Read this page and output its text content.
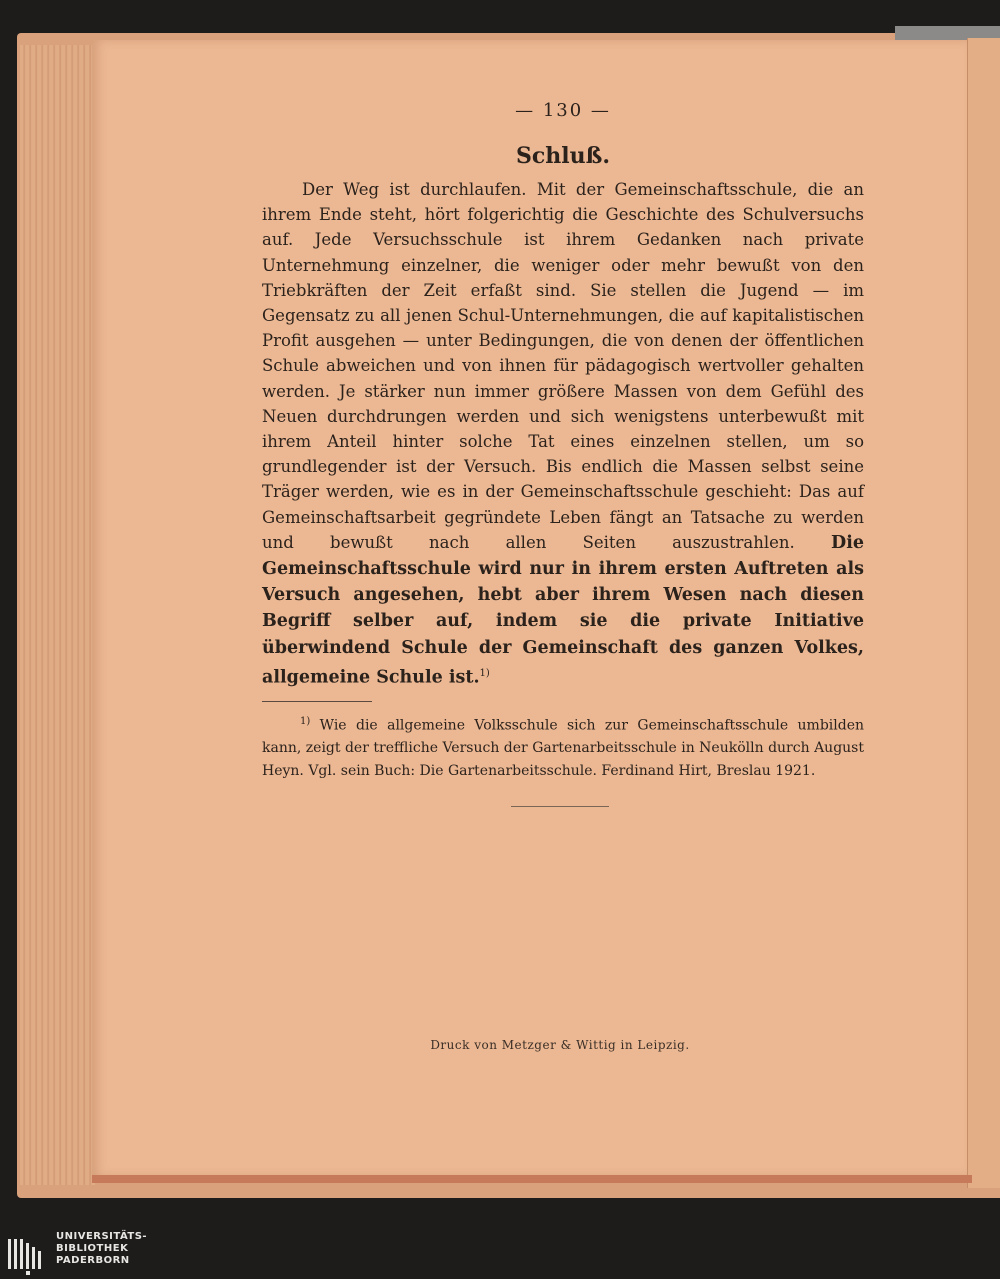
— 130 —
Schluß.

Der Weg ist durchlaufen. Mit der Gemeinschaftsschule, die an ihrem Ende steht, hört folgerichtig die Geschichte des Schulversuchs auf. Jede Versuchsschule ist ihrem Gedanken nach private Unternehmung einzelner, die weniger oder mehr bewußt von den Triebkräften der Zeit erfaßt sind. Sie stellen die Jugend — im Gegensatz zu all jenen Schul-Unternehmungen, die auf kapitalistischen Profit ausgehen — unter Bedingungen, die von denen der öffentlichen Schule abweichen und von ihnen für pädagogisch wertvoller gehalten werden. Je stärker nun immer größere Massen von dem Gefühl des Neuen durchdrungen werden und sich wenigstens unterbewußt mit ihrem Anteil hinter solche Tat eines einzelnen stellen, um so grundlegender ist der Versuch. Bis endlich die Massen selbst seine Träger werden, wie es in der Gemeinschaftsschule geschieht: Das auf Gemeinschaftsarbeit gegründete Leben fängt an Tatsache zu werden und bewußt nach allen Seiten auszustrahlen. Die Gemeinschaftsschule wird nur in ihrem ersten Auftreten als Versuch angesehen, hebt aber ihrem Wesen nach diesen Begriff selber auf, indem sie die private Initiative überwindend Schule der Gemeinschaft des ganzen Volkes, allgemeine Schule ist.$^{1)}$

$^{1)}$ Wie die allgemeine Volksschule sich zur Gemeinschaftsschule umbilden kann, zeigt der treffliche Versuch der Gartenarbeitsschule in Neukölln durch August Heyn. Vgl. sein Buch: Die Gartenarbeitsschule. Ferdinand Hirt, Breslau 1921.

Druck von Metzger & Wittig in Leipzig.
UNIVERSITÄTS-
BIBLIOTHEK
PADERBORN
